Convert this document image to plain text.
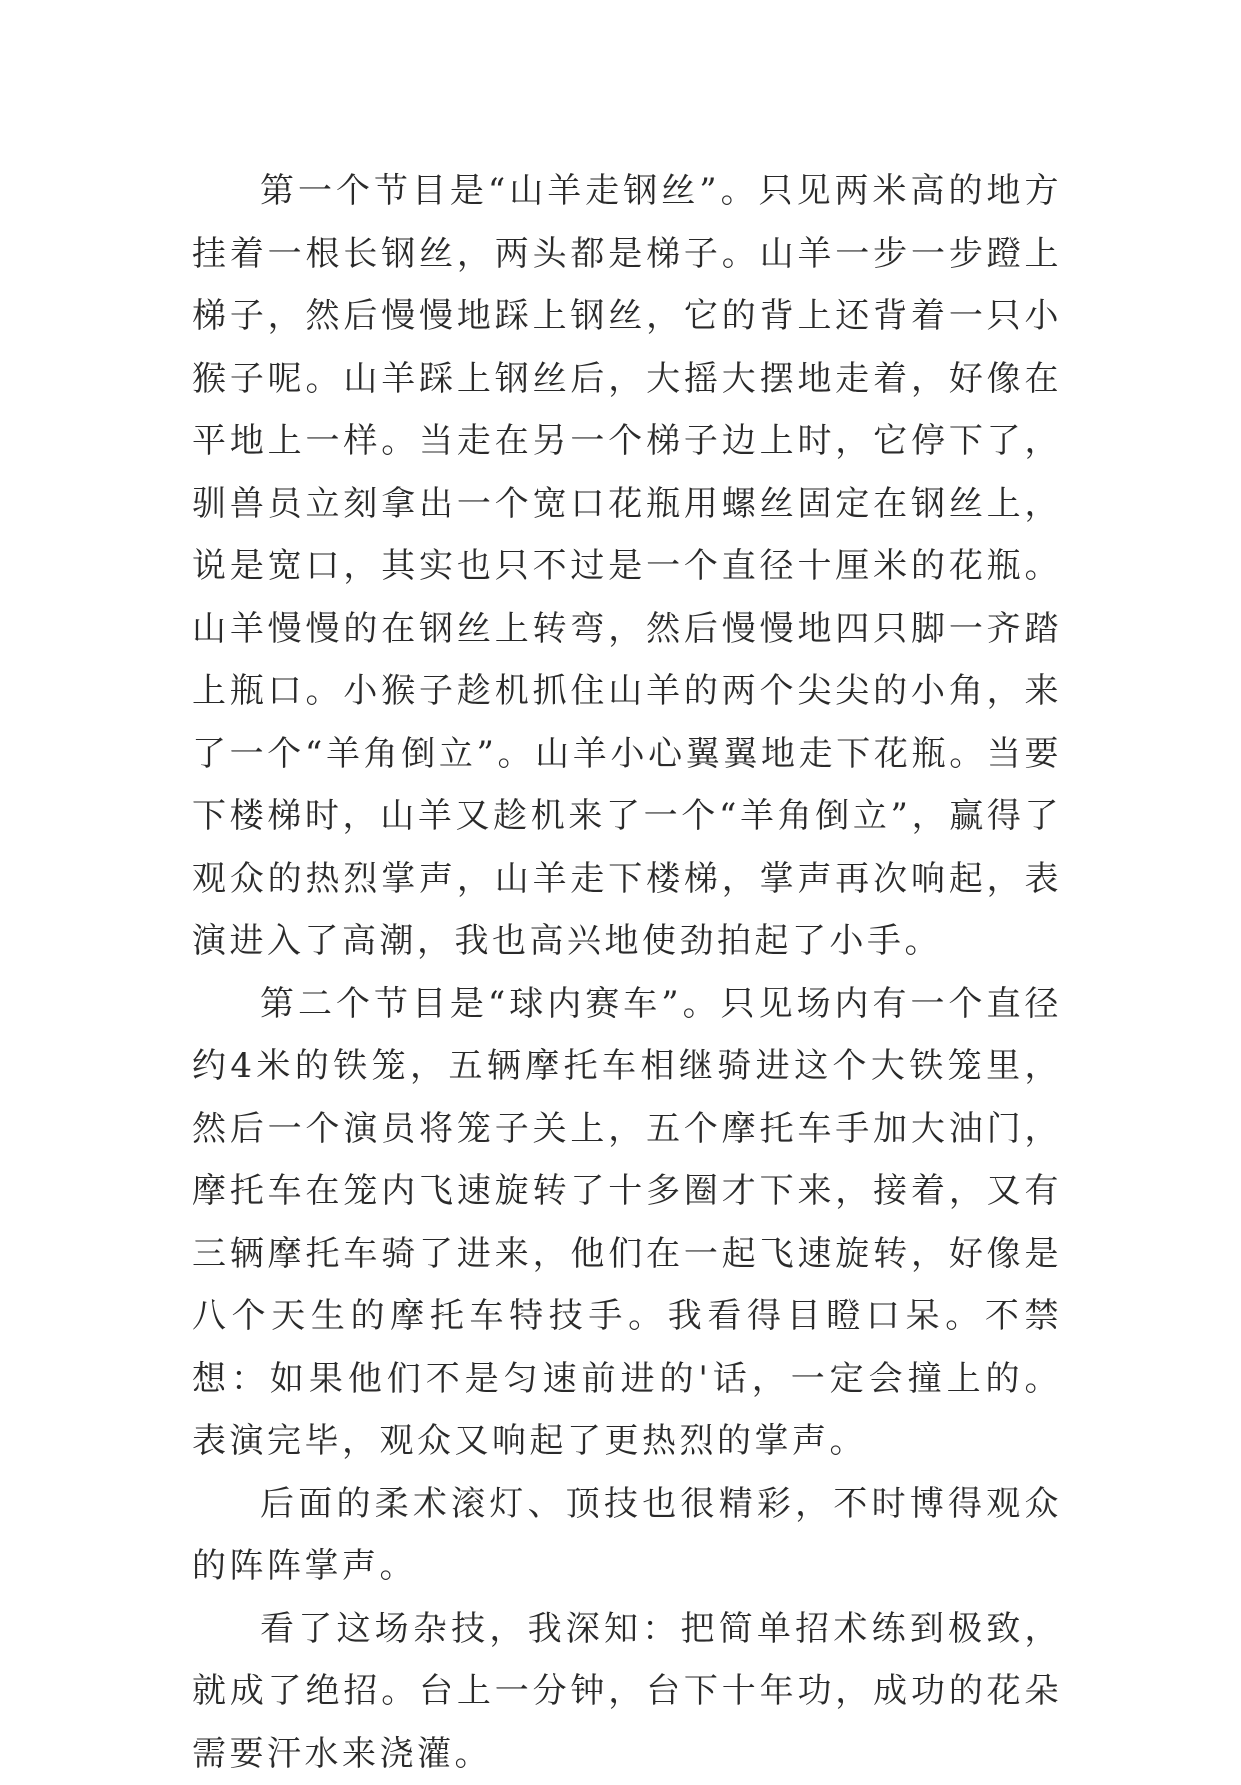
第一个节目是“山羊走钢丝”。只见两米高的地方挂着一根长钢丝，两头都是梯子。山羊一步一步蹬上梯子，然后慢慢地踩上钢丝，它的背上还背着一只小猴子呢。山羊踩上钢丝后，大摇大摆地走着，好像在平地上一样。当走在另一个梯子边上时，它停下了，驯兽员立刻拿出一个宽口花瓶用螺丝固定在钢丝上，说是宽口，其实也只不过是一个直径十厘米的花瓶。山羊慢慢的在钢丝上转弯，然后慢慢地四只脚一齐踏上瓶口。小猴子趁机抓住山羊的两个尖尖的小角，来了一个“羊角倒立”。山羊小心翼翼地走下花瓶。当要下楼梯时，山羊又趁机来了一个“羊角倒立”，赢得了观众的热烈掌声，山羊走下楼梯，掌声再次响起，表演进入了高潮，我也高兴地使劲拍起了小手。

第二个节目是“球内赛车”。只见场内有一个直径约4米的铁笼，五辆摩托车相继骑进这个大铁笼里，然后一个演员将笼子关上，五个摩托车手加大油门，摩托车在笼内飞速旋转了十多圈才下来，接着，又有三辆摩托车骑了进来，他们在一起飞速旋转，好像是八个天生的摩托车特技手。我看得目瞪口呆。不禁想：如果他们不是匀速前进的'话，一定会撞上的。表演完毕，观众又响起了更热烈的掌声。

后面的柔术滚灯、顶技也很精彩，不时博得观众的阵阵掌声。

看了这场杂技，我深知：把简单招术练到极致，就成了绝招。台上一分钟，台下十年功，成功的花朵需要汗水来浇灌。
